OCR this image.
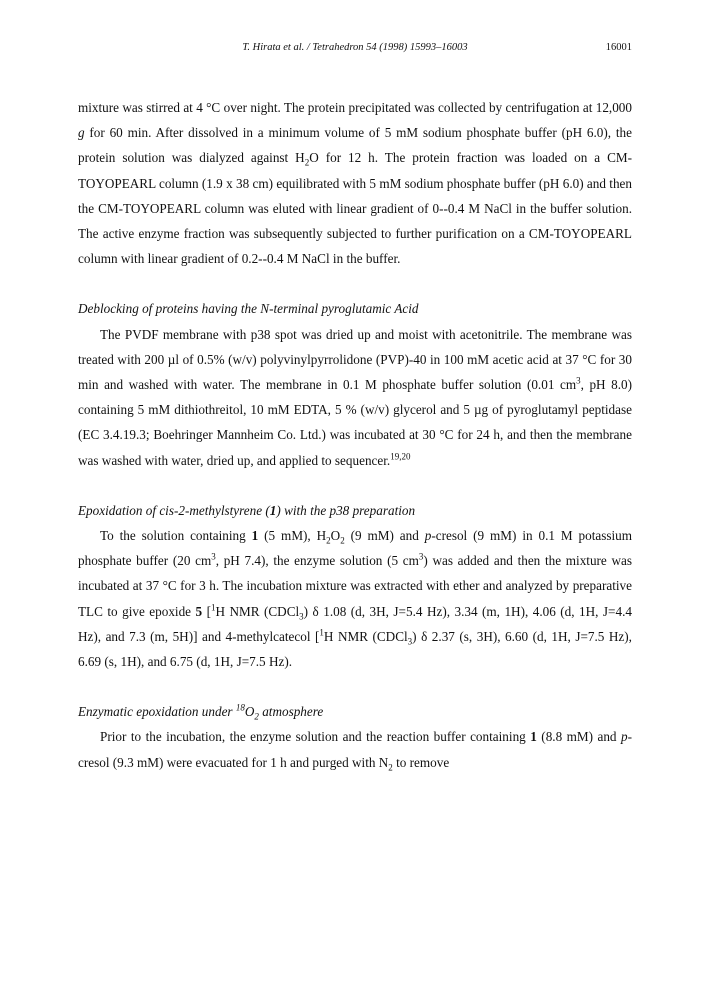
T. Hirata et al. / Tetrahedron 54 (1998) 15993–16003	16001

mixture was stirred at 4 °C over night. The protein precipitated was collected by centrifugation at 12,000 g for 60 min. After dissolved in a minimum volume of 5 mM sodium phosphate buffer (pH 6.0), the protein solution was dialyzed against $H_2O$ for 12 h. The protein fraction was loaded on a CM-TOYOPEARL column (1.9 x 38 cm) equilibrated with 5 mM sodium phosphate buffer (pH 6.0) and then the CM-TOYOPEARL column was eluted with linear gradient of 0--0.4 M NaCl in the buffer solution. The active enzyme fraction was subsequently subjected to further purification on a CM-TOYOPEARL column with linear gradient of 0.2--0.4 M NaCl in the buffer.

Deblocking of proteins having the N-terminal pyroglutamic Acid

The PVDF membrane with p38 spot was dried up and moist with acetonitrile. The membrane was treated with 200 µl of 0.5% (w/v) polyvinylpyrrolidone (PVP)-40 in 100 mM acetic acid at 37 °C for 30 min and washed with water. The membrane in 0.1 M phosphate buffer solution (0.01 $cm^3$, pH 8.0) containing 5 mM dithiothreitol, 10 mM EDTA, 5 % (w/v) glycerol and 5 µg of pyroglutamyl peptidase (EC 3.4.19.3; Boehringer Mannheim Co. Ltd.) was incubated at 30 °C for 24 h, and then the membrane was washed with water, dried up, and applied to sequencer.$^{19,20}$

Epoxidation of cis-2-methylstyrene (1) with the p38 preparation

To the solution containing 1 (5 mM), $H_2O_2$ (9 mM) and p-cresol (9 mM) in 0.1 M potassium phosphate buffer (20 $cm^3$, pH 7.4), the enzyme solution (5 $cm^3$) was added and then the mixture was incubated at 37 °C for 3 h. The incubation mixture was extracted with ether and analyzed by preparative TLC to give epoxide 5 [$^1$H NMR (CDCl$_3$) δ 1.08 (d, 3H, J=5.4 Hz), 3.34 (m, 1H), 4.06 (d, 1H, J=4.4 Hz), and 7.3 (m, 5H)] and 4-methylcatecol [$^1$H NMR (CDCl$_3$) δ 2.37 (s, 3H), 6.60 (d, 1H, J=7.5 Hz), 6.69 (s, 1H), and 6.75 (d, 1H, J=7.5 Hz).

Enzymatic epoxidation under $^{18}O_2$ atmosphere

Prior to the incubation, the enzyme solution and the reaction buffer containing 1 (8.8 mM) and p-cresol (9.3 mM) were evacuated for 1 h and purged with $N_2$ to remove
